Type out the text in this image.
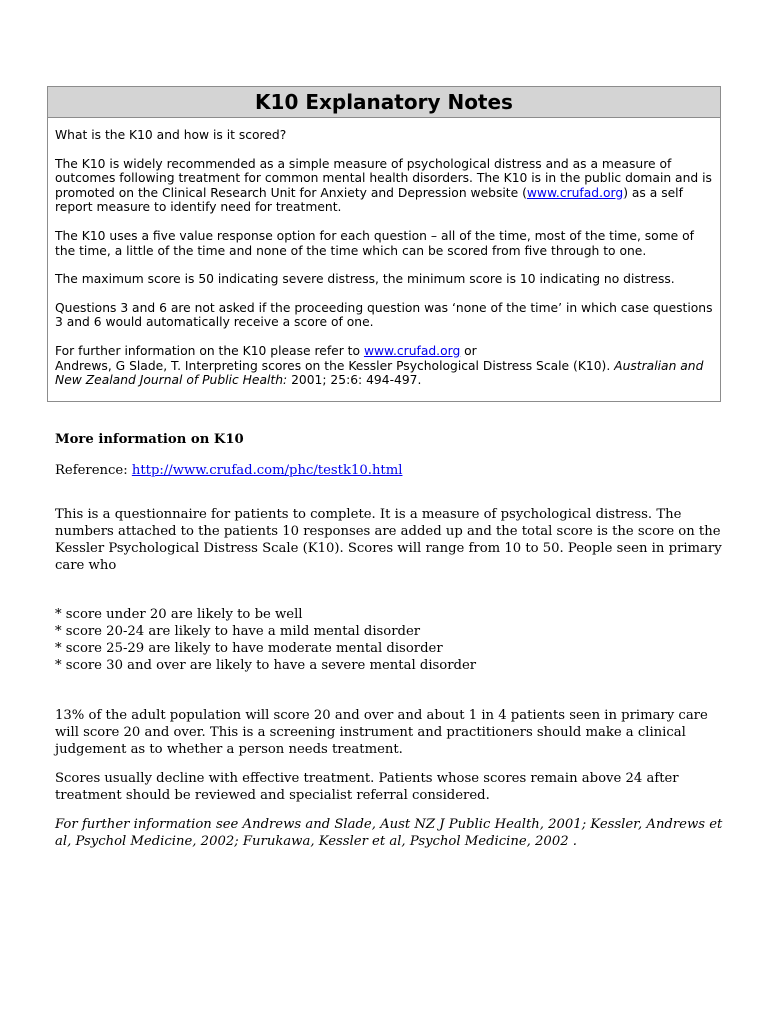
K10 Explanatory Notes

What is the K10 and how is it scored?

The K10 is widely recommended as a simple measure of psychological distress and as a measure of outcomes following treatment for common mental health disorders. The K10 is in the public domain and is promoted on the Clinical Research Unit for Anxiety and Depression website (www.crufad.org) as a self report measure to identify need for treatment.

The K10 uses a five value response option for each question – all of the time, most of the time, some of the time, a little of the time and none of the time which can be scored from five through to one.

The maximum score is 50 indicating severe distress, the minimum score is 10 indicating no distress.

Questions 3 and 6 are not asked if the proceeding question was ‘none of the time’ in which case questions 3 and 6 would automatically receive a score of one.

For further information on the K10 please refer to www.crufad.org or
Andrews, G Slade, T. Interpreting scores on the Kessler Psychological Distress Scale (K10). Australian and New Zealand Journal of Public Health: 2001; 25:6: 494-497.

More information on K10

Reference: http://www.crufad.com/phc/testk10.html

This is a questionnaire for patients to complete. It is a measure of psychological distress. The numbers attached to the patients 10 responses are added up and the total score is the score on the Kessler Psychological Distress Scale (K10). Scores will range from 10 to 50. People seen in primary care who

* score under 20 are likely to be well
* score 20-24 are likely to have a mild mental disorder
* score 25-29 are likely to have moderate mental disorder
* score 30 and over are likely to have a severe mental disorder

13% of the adult population will score 20 and over and about 1 in 4 patients seen in primary care will score 20 and over. This is a screening instrument and practitioners should make a clinical judgement as to whether a person needs treatment.

Scores usually decline with effective treatment. Patients whose scores remain above 24 after treatment should be reviewed and specialist referral considered.

For further information see Andrews and Slade, Aust NZ J Public Health, 2001; Kessler, Andrews et al, Psychol Medicine, 2002; Furukawa, Kessler et al, Psychol Medicine, 2002 .
